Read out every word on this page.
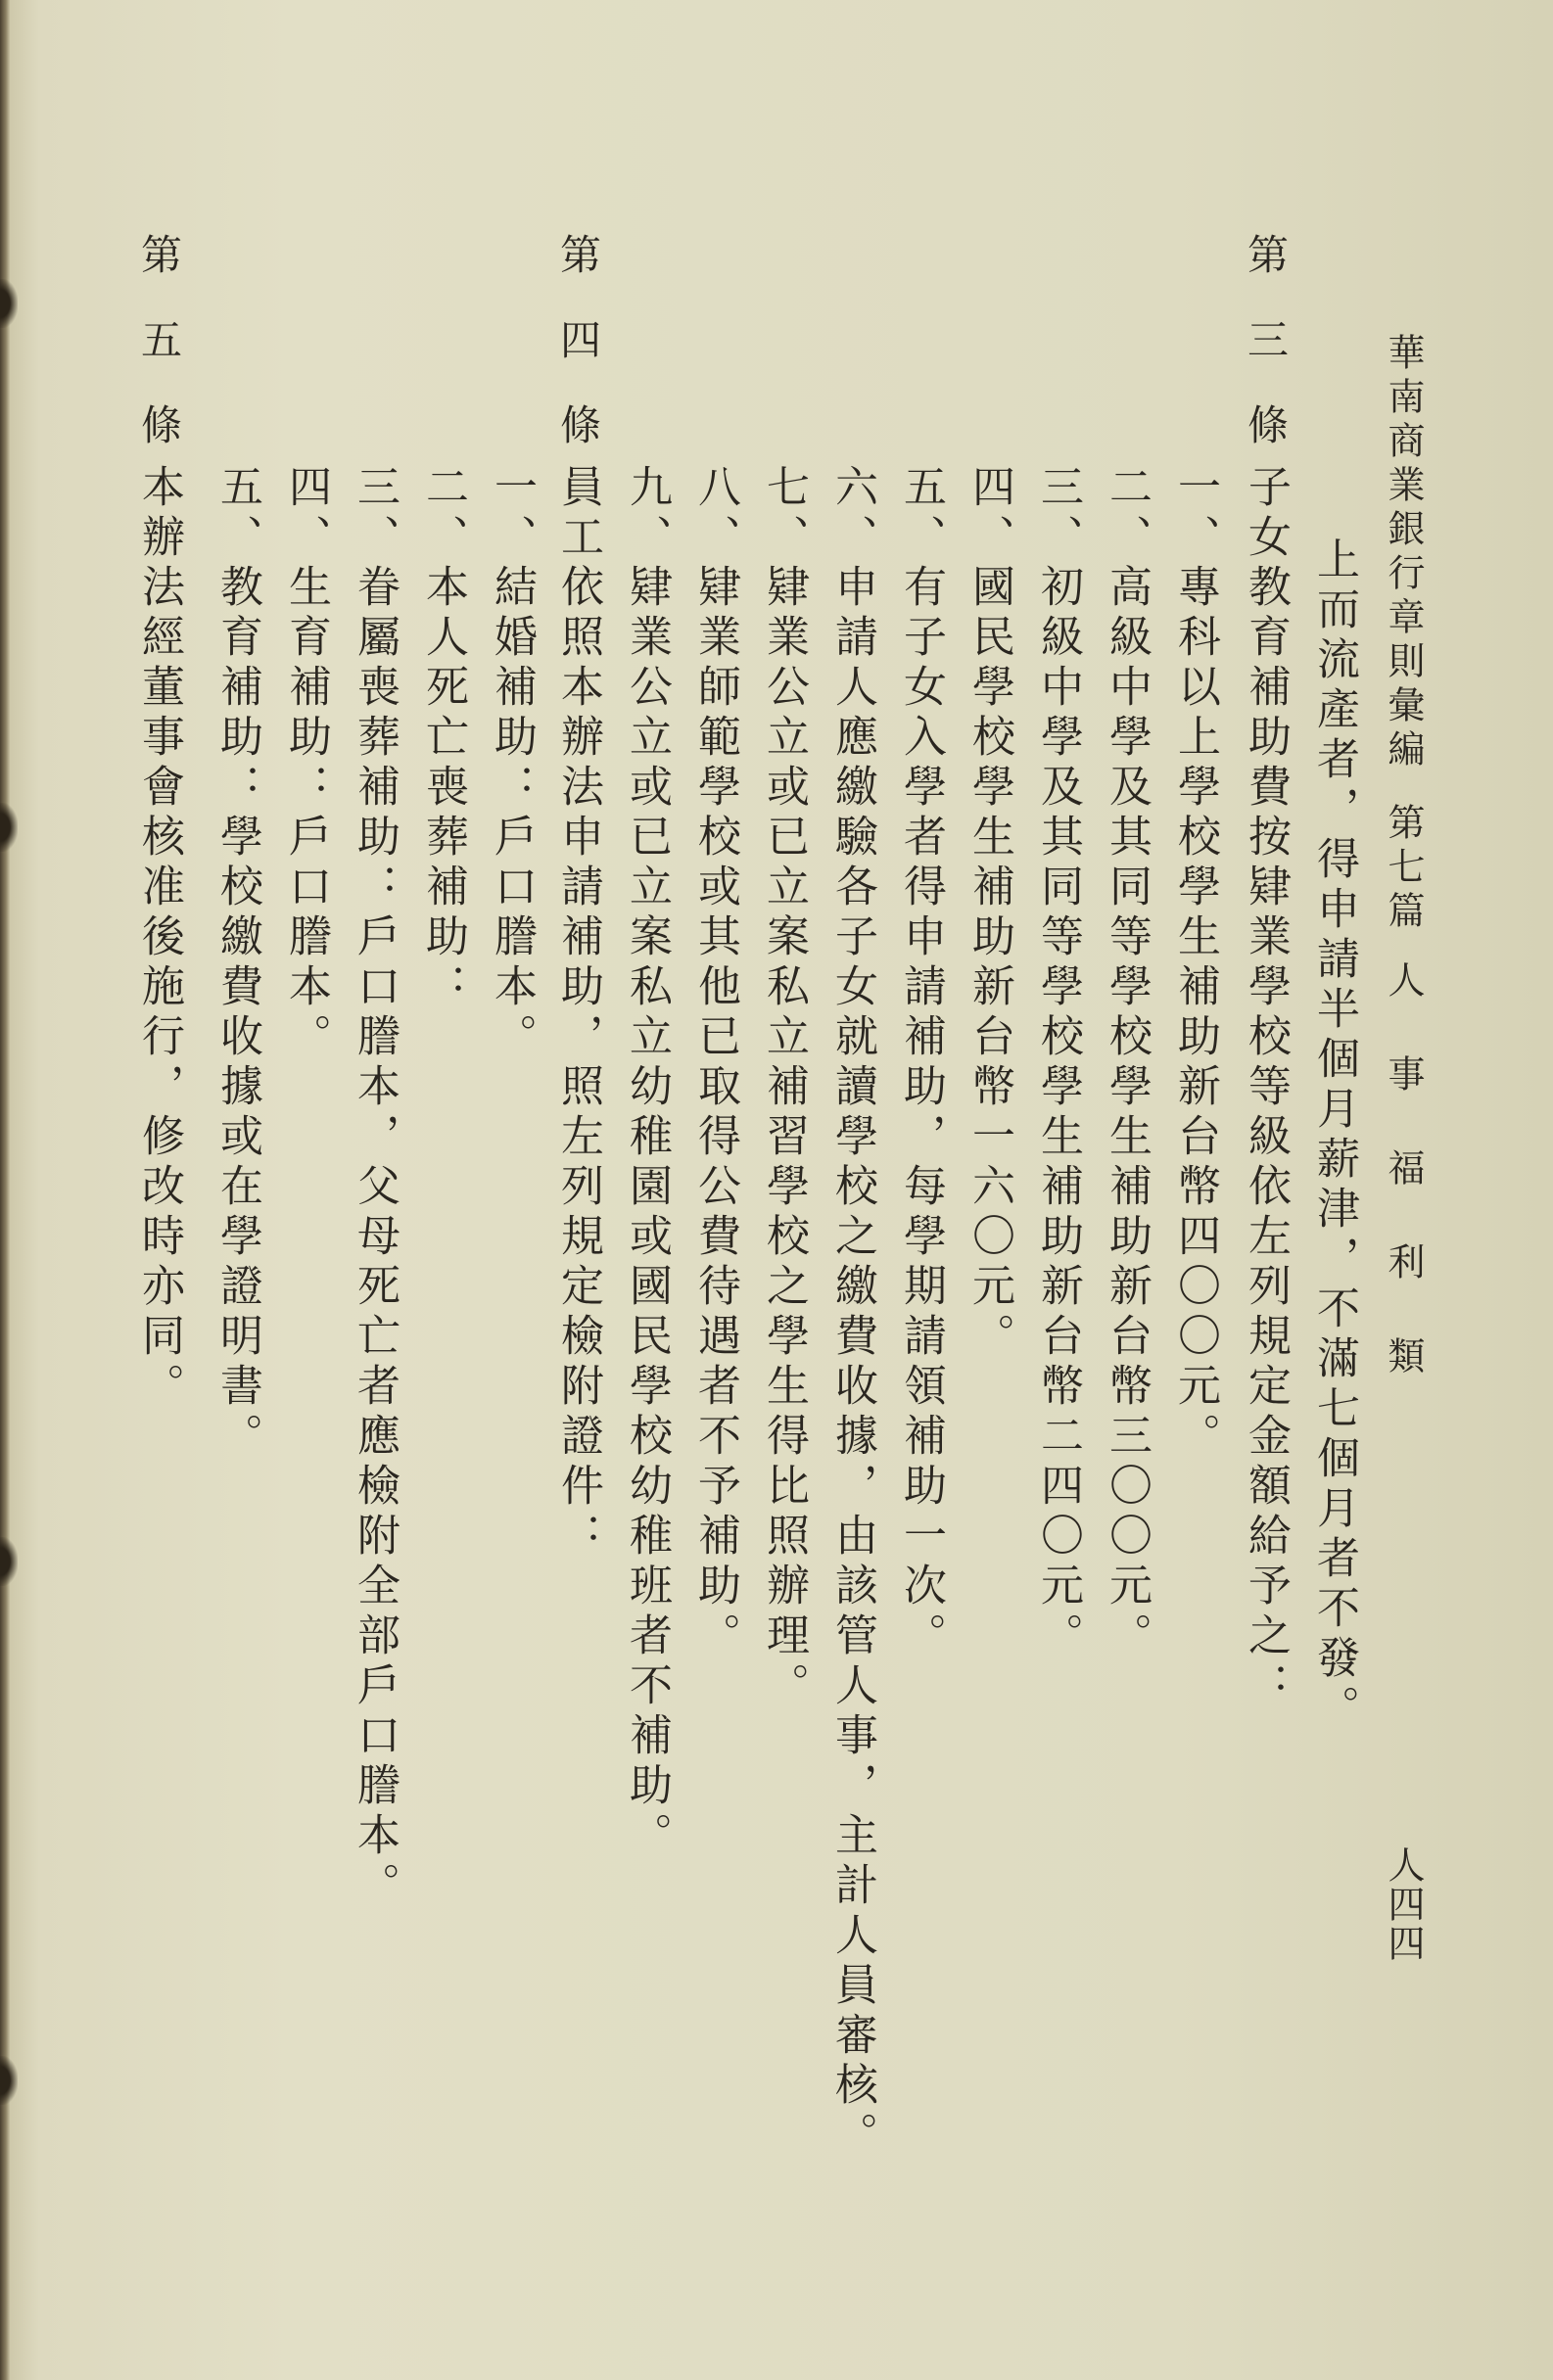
華南商業銀行章則彙編第七篇人 事 福 利 類
人四四
上而流產者，得申請半個月薪津，不滿七個月者不發。
第三條
子女教育補助費按肄業學校等級依左列規定金額給予之：
一、專科以上學校學生補助新台幣四〇〇元。
二、高級中學及其同等學校學生補助新台幣三〇〇元。
三、初級中學及其同等學校學生補助新台幣二四〇元。
四、國民學校學生補助新台幣一六〇元。
五、有子女入學者得申請補助，每學期請領補助一次。
六、申請人應繳驗各子女就讀學校之繳費收據，由該管人事，主計人員審核。
七、肄業公立或已立案私立補習學校之學生得比照辦理。
八、肄業師範學校或其他已取得公費待遇者不予補助。
九、肄業公立或已立案私立幼稚園或國民學校幼稚班者不補助。
第四條
員工依照本辦法申請補助，照左列規定檢附證件：
一、結婚補助：戶口謄本。
二、本人死亡喪葬補助：
三、眷屬喪葬補助：戶口謄本，父母死亡者應檢附全部戶口謄本。
四、生育補助：戶口謄本。
五、教育補助：學校繳費收據或在學證明書。
第五條
本辦法經董事會核准後施行，修改時亦同。
